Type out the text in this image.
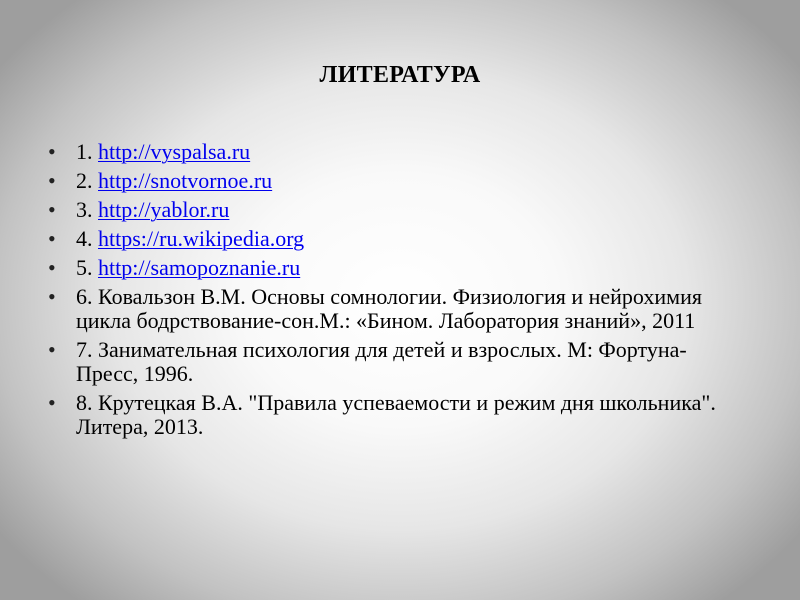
ЛИТЕРАТУРА
• 1. http://vyspalsa.ru
• 2. http://snotvornoe.ru
• 3. http://yablor.ru
• 4. https://ru.wikipedia.org
• 5. http://samopoznanie.ru
• 6. Ковальзон В.М. Основы сомнологии. Физиология и нейрохимия цикла бодрствование-сон.М.: «Бином. Лаборатория знаний», 2011
• 7. Занимательная психология для детей и взрослых. М: Фортуна-Пресс, 1996.
• 8. Крутецкая В.А. "Правила успеваемости и режим дня школьника". Литера, 2013.
